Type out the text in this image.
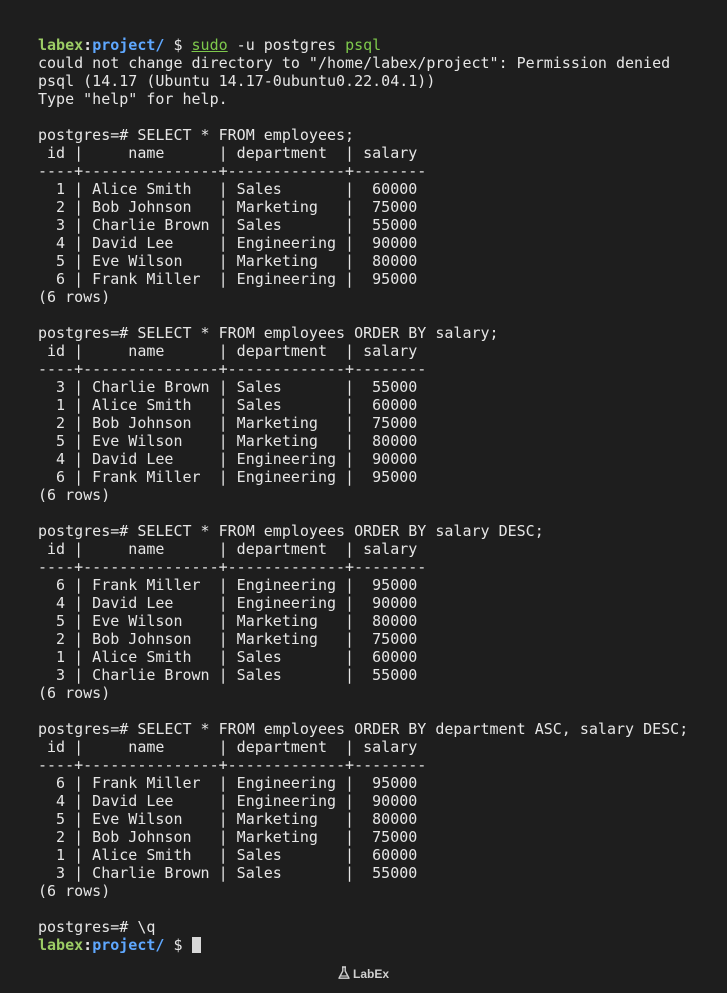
labex:project/ $ sudo -u postgres psql
could not change directory to "/home/labex/project": Permission denied
psql (14.17 (Ubuntu 14.17-0ubuntu0.22.04.1))
Type "help" for help.
postgres=# SELECT * FROM employees;
id |     name      | department  | salary
----+---------------+-------------+--------
1 | Alice Smith   | Sales       |  60000
2 | Bob Johnson   | Marketing   |  75000
3 | Charlie Brown | Sales       |  55000
4 | David Lee     | Engineering |  90000
5 | Eve Wilson    | Marketing   |  80000
6 | Frank Miller  | Engineering |  95000
(6 rows)
postgres=# SELECT * FROM employees ORDER BY salary;
id |     name      | department  | salary
----+---------------+-------------+--------
3 | Charlie Brown | Sales       |  55000
1 | Alice Smith   | Sales       |  60000
2 | Bob Johnson   | Marketing   |  75000
5 | Eve Wilson    | Marketing   |  80000
4 | David Lee     | Engineering |  90000
6 | Frank Miller  | Engineering |  95000
(6 rows)
postgres=# SELECT * FROM employees ORDER BY salary DESC;
id |     name      | department  | salary
----+---------------+-------------+--------
6 | Frank Miller  | Engineering |  95000
4 | David Lee     | Engineering |  90000
5 | Eve Wilson    | Marketing   |  80000
2 | Bob Johnson   | Marketing   |  75000
1 | Alice Smith   | Sales       |  60000
3 | Charlie Brown | Sales       |  55000
(6 rows)
postgres=# SELECT * FROM employees ORDER BY department ASC, salary DESC;
id |     name      | department  | salary
----+---------------+-------------+--------
6 | Frank Miller  | Engineering |  95000
4 | David Lee     | Engineering |  90000
5 | Eve Wilson    | Marketing   |  80000
2 | Bob Johnson   | Marketing   |  75000
1 | Alice Smith   | Sales       |  60000
3 | Charlie Brown | Sales       |  55000
(6 rows)
postgres=# \q
labex:project/ $
LabEx
